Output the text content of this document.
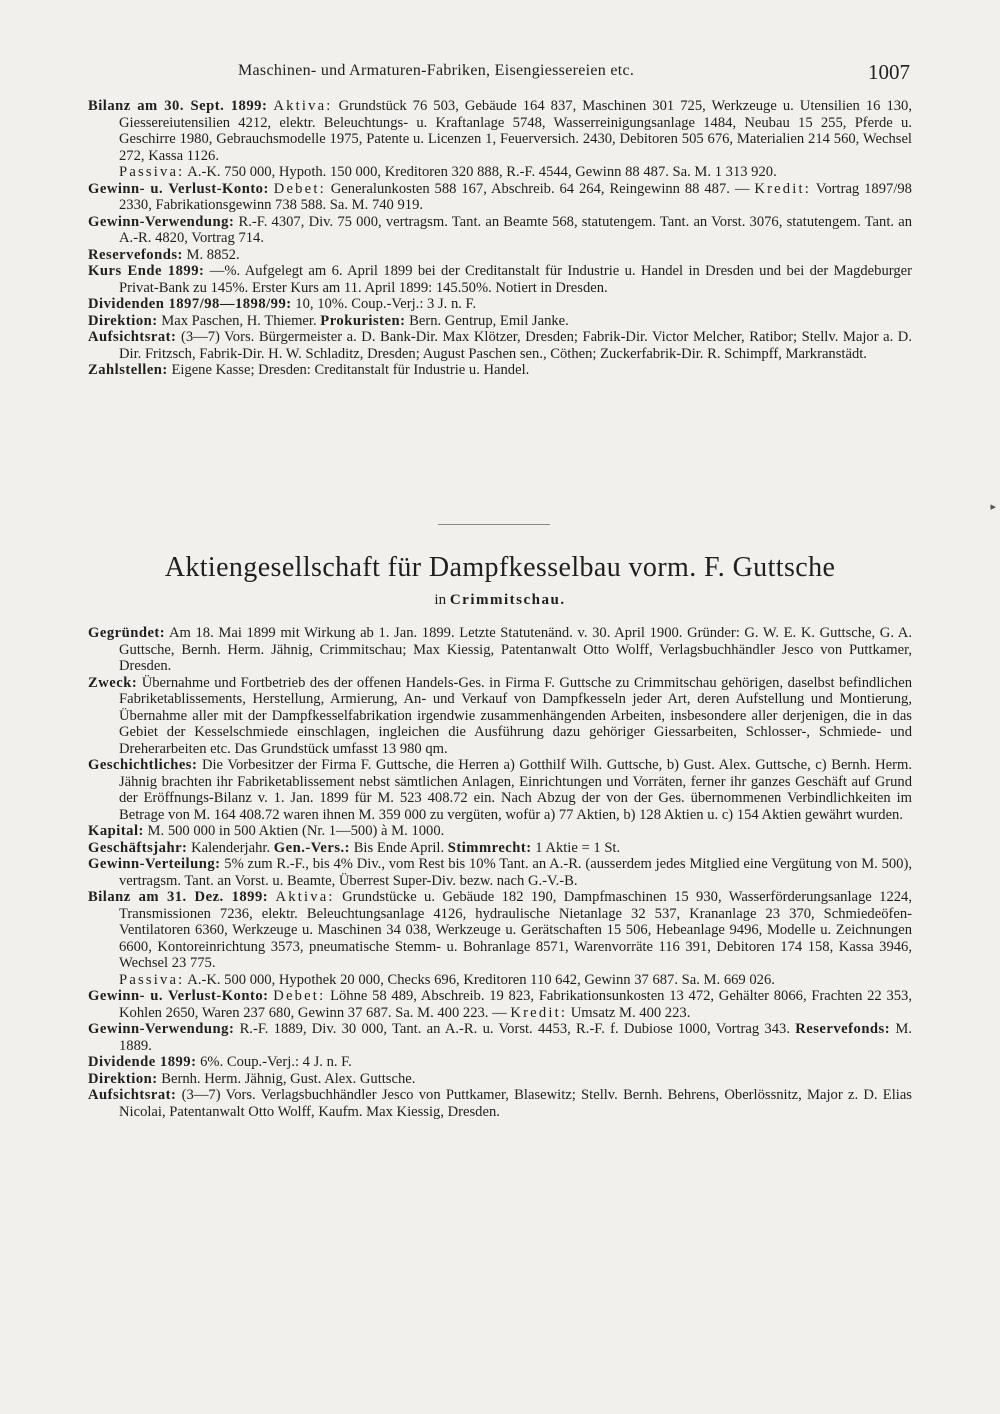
Maschinen- und Armaturen-Fabriken, Eisengiessereien etc.	1007

Bilanz am 30. Sept. 1899: Aktiva: Grundstück 76 503, Gebäude 164 837, Maschinen 301 725, Werkzeuge u. Utensilien 16 130, Giessereiutensilien 4212, elektr. Beleuchtungs- u. Kraftanlage 5748, Wasserreinigungsanlage 1484, Neubau 15 255, Pferde u. Geschirre 1980, Gebrauchsmodelle 1975, Patente u. Licenzen 1, Feuerversich. 2430, Debitoren 505 676, Materialien 214 560, Wechsel 272, Kassa 1126.

Passiva: A.-K. 750 000, Hypoth. 150 000, Kreditoren 320 888, R.-F. 4544, Gewinn 88 487. Sa. M. 1 313 920.

Gewinn- u. Verlust-Konto: Debet: Generalunkosten 588 167, Abschreib. 64 264, Reingewinn 88 487. — Kredit: Vortrag 1897/98 2330, Fabrikationsgewinn 738 588. Sa. M. 740 919.

Gewinn-Verwendung: R.-F. 4307, Div. 75 000, vertragsm. Tant. an Beamte 568, statutengem. Tant. an Vorst. 3076, statutengem. Tant. an A.-R. 4820, Vortrag 714.

Reservefonds: M. 8852.

Kurs Ende 1899: —%. Aufgelegt am 6. April 1899 bei der Creditanstalt für Industrie u. Handel in Dresden und bei der Magdeburger Privat-Bank zu 145%. Erster Kurs am 11. April 1899: 145.50%. Notiert in Dresden.

Dividenden 1897/98—1898/99: 10, 10%. Coup.-Verj.: 3 J. n. F.

Direktion: Max Paschen, H. Thiemer. Prokuristen: Bern. Gentrup, Emil Janke.

Aufsichtsrat: (3—7) Vors. Bürgermeister a. D. Bank-Dir. Max Klötzer, Dresden; Fabrik-Dir. Victor Melcher, Ratibor; Stellv. Major a. D. Dir. Fritzsch, Fabrik-Dir. H. W. Schladitz, Dresden; August Paschen sen., Cöthen; Zuckerfabrik-Dir. R. Schimpff, Markranstädt.

Zahlstellen: Eigene Kasse; Dresden: Creditanstalt für Industrie u. Handel.

Aktiengesellschaft für Dampfkesselbau vorm. F. Guttsche
in Crimmitschau.

Gegründet: Am 18. Mai 1899 mit Wirkung ab 1. Jan. 1899. Letzte Statutenänd. v. 30. April 1900. Gründer: G. W. E. K. Guttsche, G. A. Guttsche, Bernh. Herm. Jähnig, Crimmitschau; Max Kiessig, Patentanwalt Otto Wolff, Verlagsbuchhändler Jesco von Puttkamer, Dresden.

Zweck: Übernahme und Fortbetrieb des der offenen Handels-Ges. in Firma F. Guttsche zu Crimmitschau gehörigen, daselbst befindlichen Fabriketablissements, Herstellung, Armierung, An- und Verkauf von Dampfkesseln jeder Art, deren Aufstellung und Montierung, Übernahme aller mit der Dampfkesselfabrikation irgendwie zusammenhängenden Arbeiten, insbesondere aller derjenigen, die in das Gebiet der Kesselschmiede einschlagen, ingleichen die Ausführung dazu gehöriger Giessarbeiten, Schlosser-, Schmiede- und Dreherarbeiten etc. Das Grundstück umfasst 13 980 qm.

Geschichtliches: Die Vorbesitzer der Firma F. Guttsche, die Herren a) Gotthilf Wilh. Guttsche, b) Gust. Alex. Guttsche, c) Bernh. Herm. Jähnig brachten ihr Fabriketablissement nebst sämtlichen Anlagen, Einrichtungen und Vorräten, ferner ihr ganzes Geschäft auf Grund der Eröffnungs-Bilanz v. 1. Jan. 1899 für M. 523 408.72 ein. Nach Abzug der von der Ges. übernommenen Verbindlichkeiten im Betrage von M. 164 408.72 waren ihnen M. 359 000 zu vergüten, wofür a) 77 Aktien, b) 128 Aktien u. c) 154 Aktien gewährt wurden.

Kapital: M. 500 000 in 500 Aktien (Nr. 1—500) à M. 1000.

Geschäftsjahr: Kalenderjahr. Gen.-Vers.: Bis Ende April. Stimmrecht: 1 Aktie = 1 St.

Gewinn-Verteilung: 5% zum R.-F., bis 4% Div., vom Rest bis 10% Tant. an A.-R. (ausserdem jedes Mitglied eine Vergütung von M. 500), vertragsm. Tant. an Vorst. u. Beamte, Überrest Super-Div. bezw. nach G.-V.-B.

Bilanz am 31. Dez. 1899: Aktiva: Grundstücke u. Gebäude 182 190, Dampfmaschinen 15 930, Wasserförderungsanlage 1224, Transmissionen 7236, elektr. Beleuchtungsanlage 4126, hydraulische Nietanlage 32 537, Krananlage 23 370, Schmiedeöfen-Ventilatoren 6360, Werkzeuge u. Maschinen 34 038, Werkzeuge u. Gerätschaften 15 506, Hebeanlage 9496, Modelle u. Zeichnungen 6600, Kontoreinrichtung 3573, pneumatische Stemm- u. Bohranlage 8571, Warenvorräte 116 391, Debitoren 174 158, Kassa 3946, Wechsel 23 775.

Passiva: A.-K. 500 000, Hypothek 20 000, Checks 696, Kreditoren 110 642, Gewinn 37 687. Sa. M. 669 026.

Gewinn- u. Verlust-Konto: Debet: Löhne 58 489, Abschreib. 19 823, Fabrikationsunkosten 13 472, Gehälter 8066, Frachten 22 353, Kohlen 2650, Waren 237 680, Gewinn 37 687. Sa. M. 400 223. — Kredit: Umsatz M. 400 223.

Gewinn-Verwendung: R.-F. 1889, Div. 30 000, Tant. an A.-R. u. Vorst. 4453, R.-F. f. Dubiose 1000, Vortrag 343. Reservefonds: M. 1889.

Dividende 1899: 6%. Coup.-Verj.: 4 J. n. F.

Direktion: Bernh. Herm. Jähnig, Gust. Alex. Guttsche.

Aufsichtsrat: (3—7) Vors. Verlagsbuchhändler Jesco von Puttkamer, Blasewitz; Stellv. Bernh. Behrens, Oberlössnitz, Major z. D. Elias Nicolai, Patentanwalt Otto Wolff, Kaufm. Max Kiessig, Dresden.

▸
